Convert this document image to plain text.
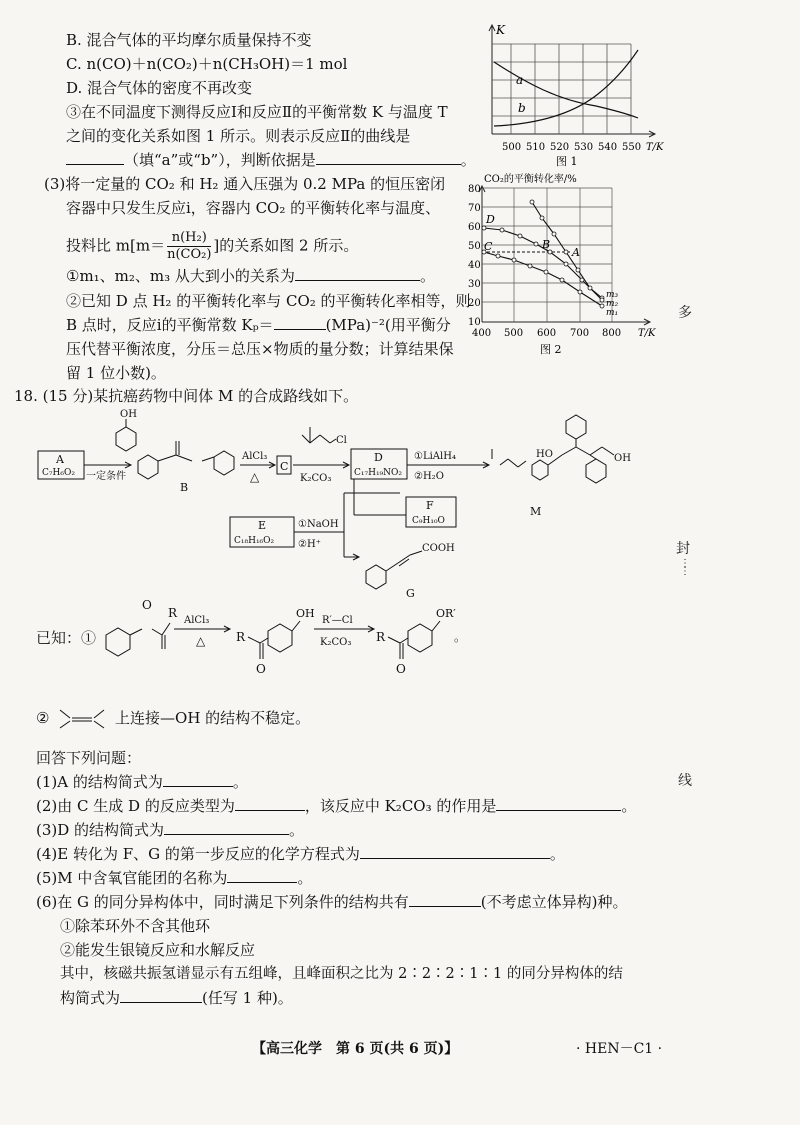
B. 混合气体的平均摩尔质量保持不变
C. n(CO)＋n(CO₂)＋n(CH₃OH)＝1 mol
D. 混合气体的密度不再改变
③在不同温度下测得反应Ⅰ和反应Ⅱ的平衡常数 K 与温度 T
之间的变化关系如图 1 所示。则表示反应Ⅱ的曲线是
（填“a”或“b”），判断依据是	。
K
a
b
500 510 520 530 540 550 T/K
图 1
(3)将一定量的 CO₂ 和 H₂ 通入压强为 0.2 MPa 的恒压密闭
容器中只发生反应ⅰ，容器内 CO₂ 的平衡转化率与温度、
投料比 $m[m= \frac{\text{n(H₂)}}{\text{n(CO₂)}}$ ]的关系如图 2 所示。
①m₁、m₂、m₃ 从大到小的关系为	。
②已知 D 点 H₂ 的平衡转化率与 CO₂ 的平衡转化率相等，则
B 点时，反应ⅰ的平衡常数 Kₚ＝	(MPa)⁻²(用平衡分
压代替平衡浓度，分压＝总压×物质的量分数；计算结果保
留 1 位小数)。
CO₂的平衡转化率/%
D
C	B
A
m₃
m₂
m₁
10
20
30
40
50
60
70
80
400 500 600 700 800 T/K
图 2
18. (15 分)某抗癌药物中间体 M 的合成路线如下。
A
C₇H₆O₂
OH
一定条件
B
AlCl₃
△
C
Cl
K₂CO₃
D
C₁₇H₁₉NO₂
①LiAlH₄
②H₂O
M
HO	OH
F
C₉H₁₀O
E
C₁₈H₁₆O₂
①NaOH
②H⁺	COOH
G
已知：①
O
R
AlCl₃
△	R
OH
O
R′—Cl
K₂CO₃ R
OR′
O
。
②	上连接—OH 的结构不稳定。
回答下列问题：
(1)A 的结构简式为	。
(2)由 C 生成 D 的反应类型为	，该反应中 K₂CO₃ 的作用是	。
(3)D 的结构简式为	。
(4)E 转化为 F、G 的第一步反应的化学方程式为	。
(5)M 中含氧官能团的名称为	。
(6)在 G 的同分异构体中，同时满足下列条件的结构共有	(不考虑立体异构)种。
①除苯环外不含其他环
②能发生银镜反应和水解反应
其中，核磁共振氢谱显示有五组峰，且峰面积之比为 2∶2∶2∶1∶1 的同分异构体的结
构简式为	(任写 1 种)。
多
封
⋮
⋮
线
【高三化学　第 6 页(共 6 页)】	· HEN－C1 ·
